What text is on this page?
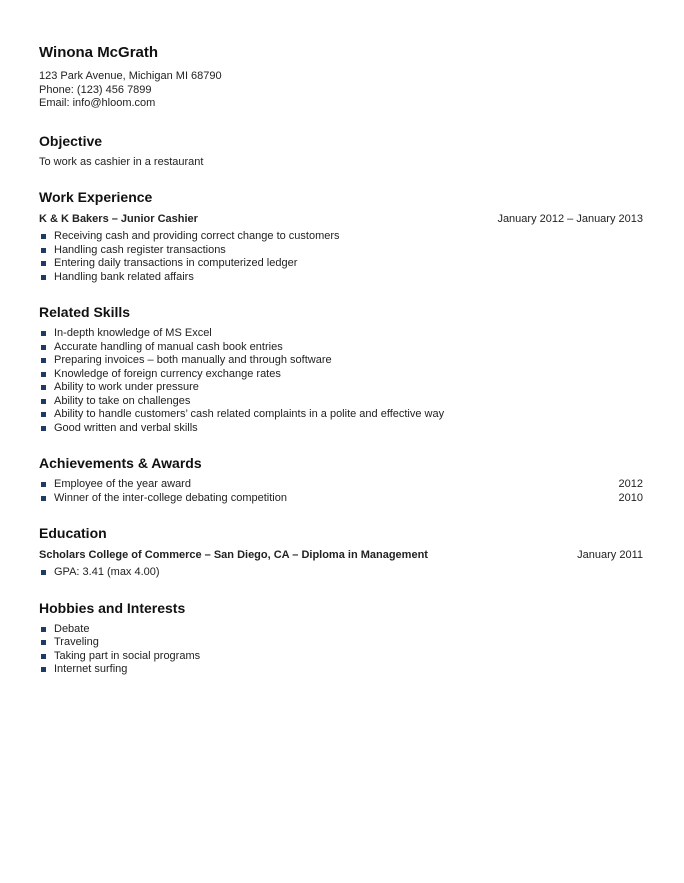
Winona McGrath
123 Park Avenue, Michigan MI 68790
Phone: (123) 456 7899
Email: info@hloom.com
Objective
To work as cashier in a restaurant
Work Experience
K & K Bakers – Junior Cashier	January 2012 – January 2013
Receiving cash and providing correct change to customers
Handling cash register transactions
Entering daily transactions in computerized ledger
Handling bank related affairs
Related Skills
In-depth knowledge of MS Excel
Accurate handling of manual cash book entries
Preparing invoices – both manually and through software
Knowledge of foreign currency exchange rates
Ability to work under pressure
Ability to take on challenges
Ability to handle customers’ cash related complaints in a polite and effective way
Good written and verbal skills
Achievements & Awards
Employee of the year award	2012
Winner of the inter-college debating competition	2010
Education
Scholars College of Commerce – San Diego, CA – Diploma in Management	January 2011
GPA: 3.41 (max 4.00)
Hobbies and Interests
Debate
Traveling
Taking part in social programs
Internet surfing
